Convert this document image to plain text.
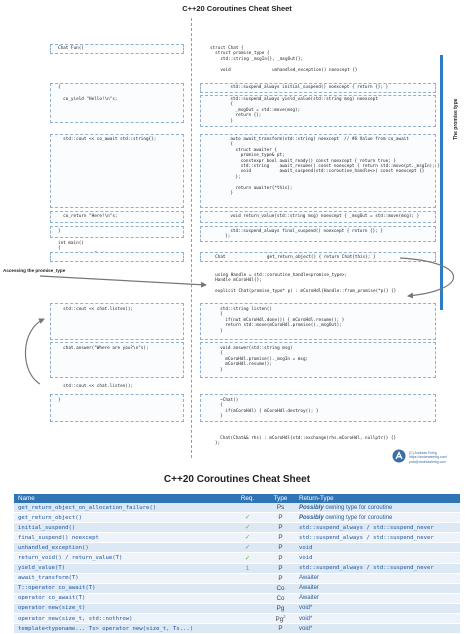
C++20 Coroutines Cheat Sheet
Chat Fun()
{
co_yield "Hello!\n"s;
std::cout << co_await std::string{};
co_return "Here!\n"s;
}
int main()
{

std::cout << chat.listen();
chat.answer("Where are you?\n"s);
std::cout << chat.listen();
}
struct Chat {
struct promise_type {
std::string _msgIn{}, _msgOut{};

void                unhandled_exception() noexcept {}
std::suspend_always initial_suspend() noexcept { return {}; }
std::suspend_always yield_value(std::string msg) noexcept
{
_msgOut = std::move(msg);
return {};
}
auto await_transform(std::string) noexcept  // #6 Value from co_await
{
struct awaiter {
promise_type& pt;
constexpr bool await_ready() const noexcept { return true; }
std::string    await_resume() const noexcept { return std::move(pt._msgIn); }
void           await_suspend(std::coroutine_handle<>) const noexcept {}
};

return awaiter{*this};
}
void return_value(std::string msg) noexcept { _msgOut = std::move(msg); }
std::suspend_always final_suspend() noexcept { return {}; }
};
Chat                get_return_object() { return Chat{this}; }
using Handle = std::coroutine_handle<promise_type>;
Handle mCoroHdl{};

explicit Chat(promise_type* p) : mCoroHdl{Handle::from_promise(*p)} {}
std::string listen()
{
if(not mCoroHdl.done()) { mCoroHdl.resume(); }
return std::move(mCoroHdl.promise()._msgOut);
}
void answer(std::string msg)
{
mCoroHdl.promise()._msgIn = msg;
mCoroHdl.resume();
}
~Chat()
{
if(mCoroHdl) { mCoroHdl.destroy(); }
}
Chat(Chat&& rhs) : mCoroHdl{std::exchange(rhs.mCoroHdl, nullptr)} {}
};
The promise type
Accessing the promise_type
(C) Andreas Fertig
https://andreasfertig.com/
post@andreasfertig.com
C++20 Coroutines Cheat Sheet
Name	Req.	Type	Return-Type
get_return_object_on_allocation_failure()		Ps	Possibly owning type for coroutine
get_return_object()	✓	P	Possibly owning type for coroutine
initial_suspend()	✓	P	std::suspend_always / std::suspend_never
final_suspend() noexcept	✓	P	std::suspend_always / std::suspend_never
unhandled_exception()	✓	P	void
return_void() / return_value(T)	✓	P	void
yield_value(T)	1	P	std::suspend_always / std::suspend_never
await_transform(T)		P	Awaiter
T::operator co_await(T)		Co	Awaiter
operator co_await(T)		Co	Awaiter
operator new(size_t)		Pg	void*
operator new(size_t, std::nothrow)		Pg$^2$	void*
template<typename... Ts> operator new(size_t, Ts...)		P	void*
